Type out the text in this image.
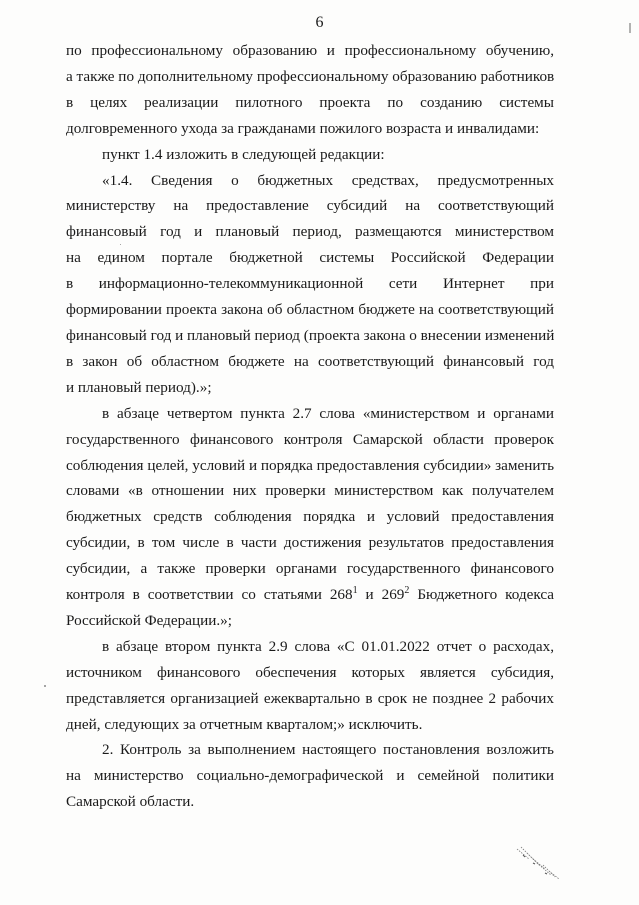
6
по профессиональному образованию и профессиональному обучению,
а также по дополнительному профессиональному образованию работников
в целях реализации пилотного проекта по созданию системы
долговременного ухода за гражданами пожилого возраста и инвалидами:
пункт 1.4 изложить в следующей редакции:
«1.4. Сведения о бюджетных средствах, предусмотренных
министерству на предоставление субсидий на соответствующий
финансовый год и плановый период, размещаются министерством
на едином портале бюджетной системы Российской Федерации
в информационно-телекоммуникационной сети Интернет при
формировании проекта закона об областном бюджете на соответствующий
финансовый год и плановый период (проекта закона о внесении изменений
в закон об областном бюджете на соответствующий финансовый год
и плановый период).»;
в абзаце четвертом пункта 2.7 слова «министерством и органами
государственного финансового контроля Самарской области проверок
соблюдения целей, условий и порядка предоставления субсидии» заменить
словами «в отношении них проверки министерством как получателем
бюджетных средств соблюдения порядка и условий предоставления
субсидии, в том числе в части достижения результатов предоставления
субсидии, а также проверки органами государственного финансового
контроля в соответствии со статьями $268^1$ и $269^2$ Бюджетного кодекса
Российской Федерации.»;
в абзаце втором пункта 2.9 слова «С 01.01.2022 отчет о расходах,
источником финансового обеспечения которых является субсидия,
представляется организацией ежеквартально в срок не позднее 2 рабочих
дней, следующих за отчетным кварталом;» исключить.
2. Контроль за выполнением настоящего постановления возложить
на министерство социально-демографической и семейной политики
Самарской области.
